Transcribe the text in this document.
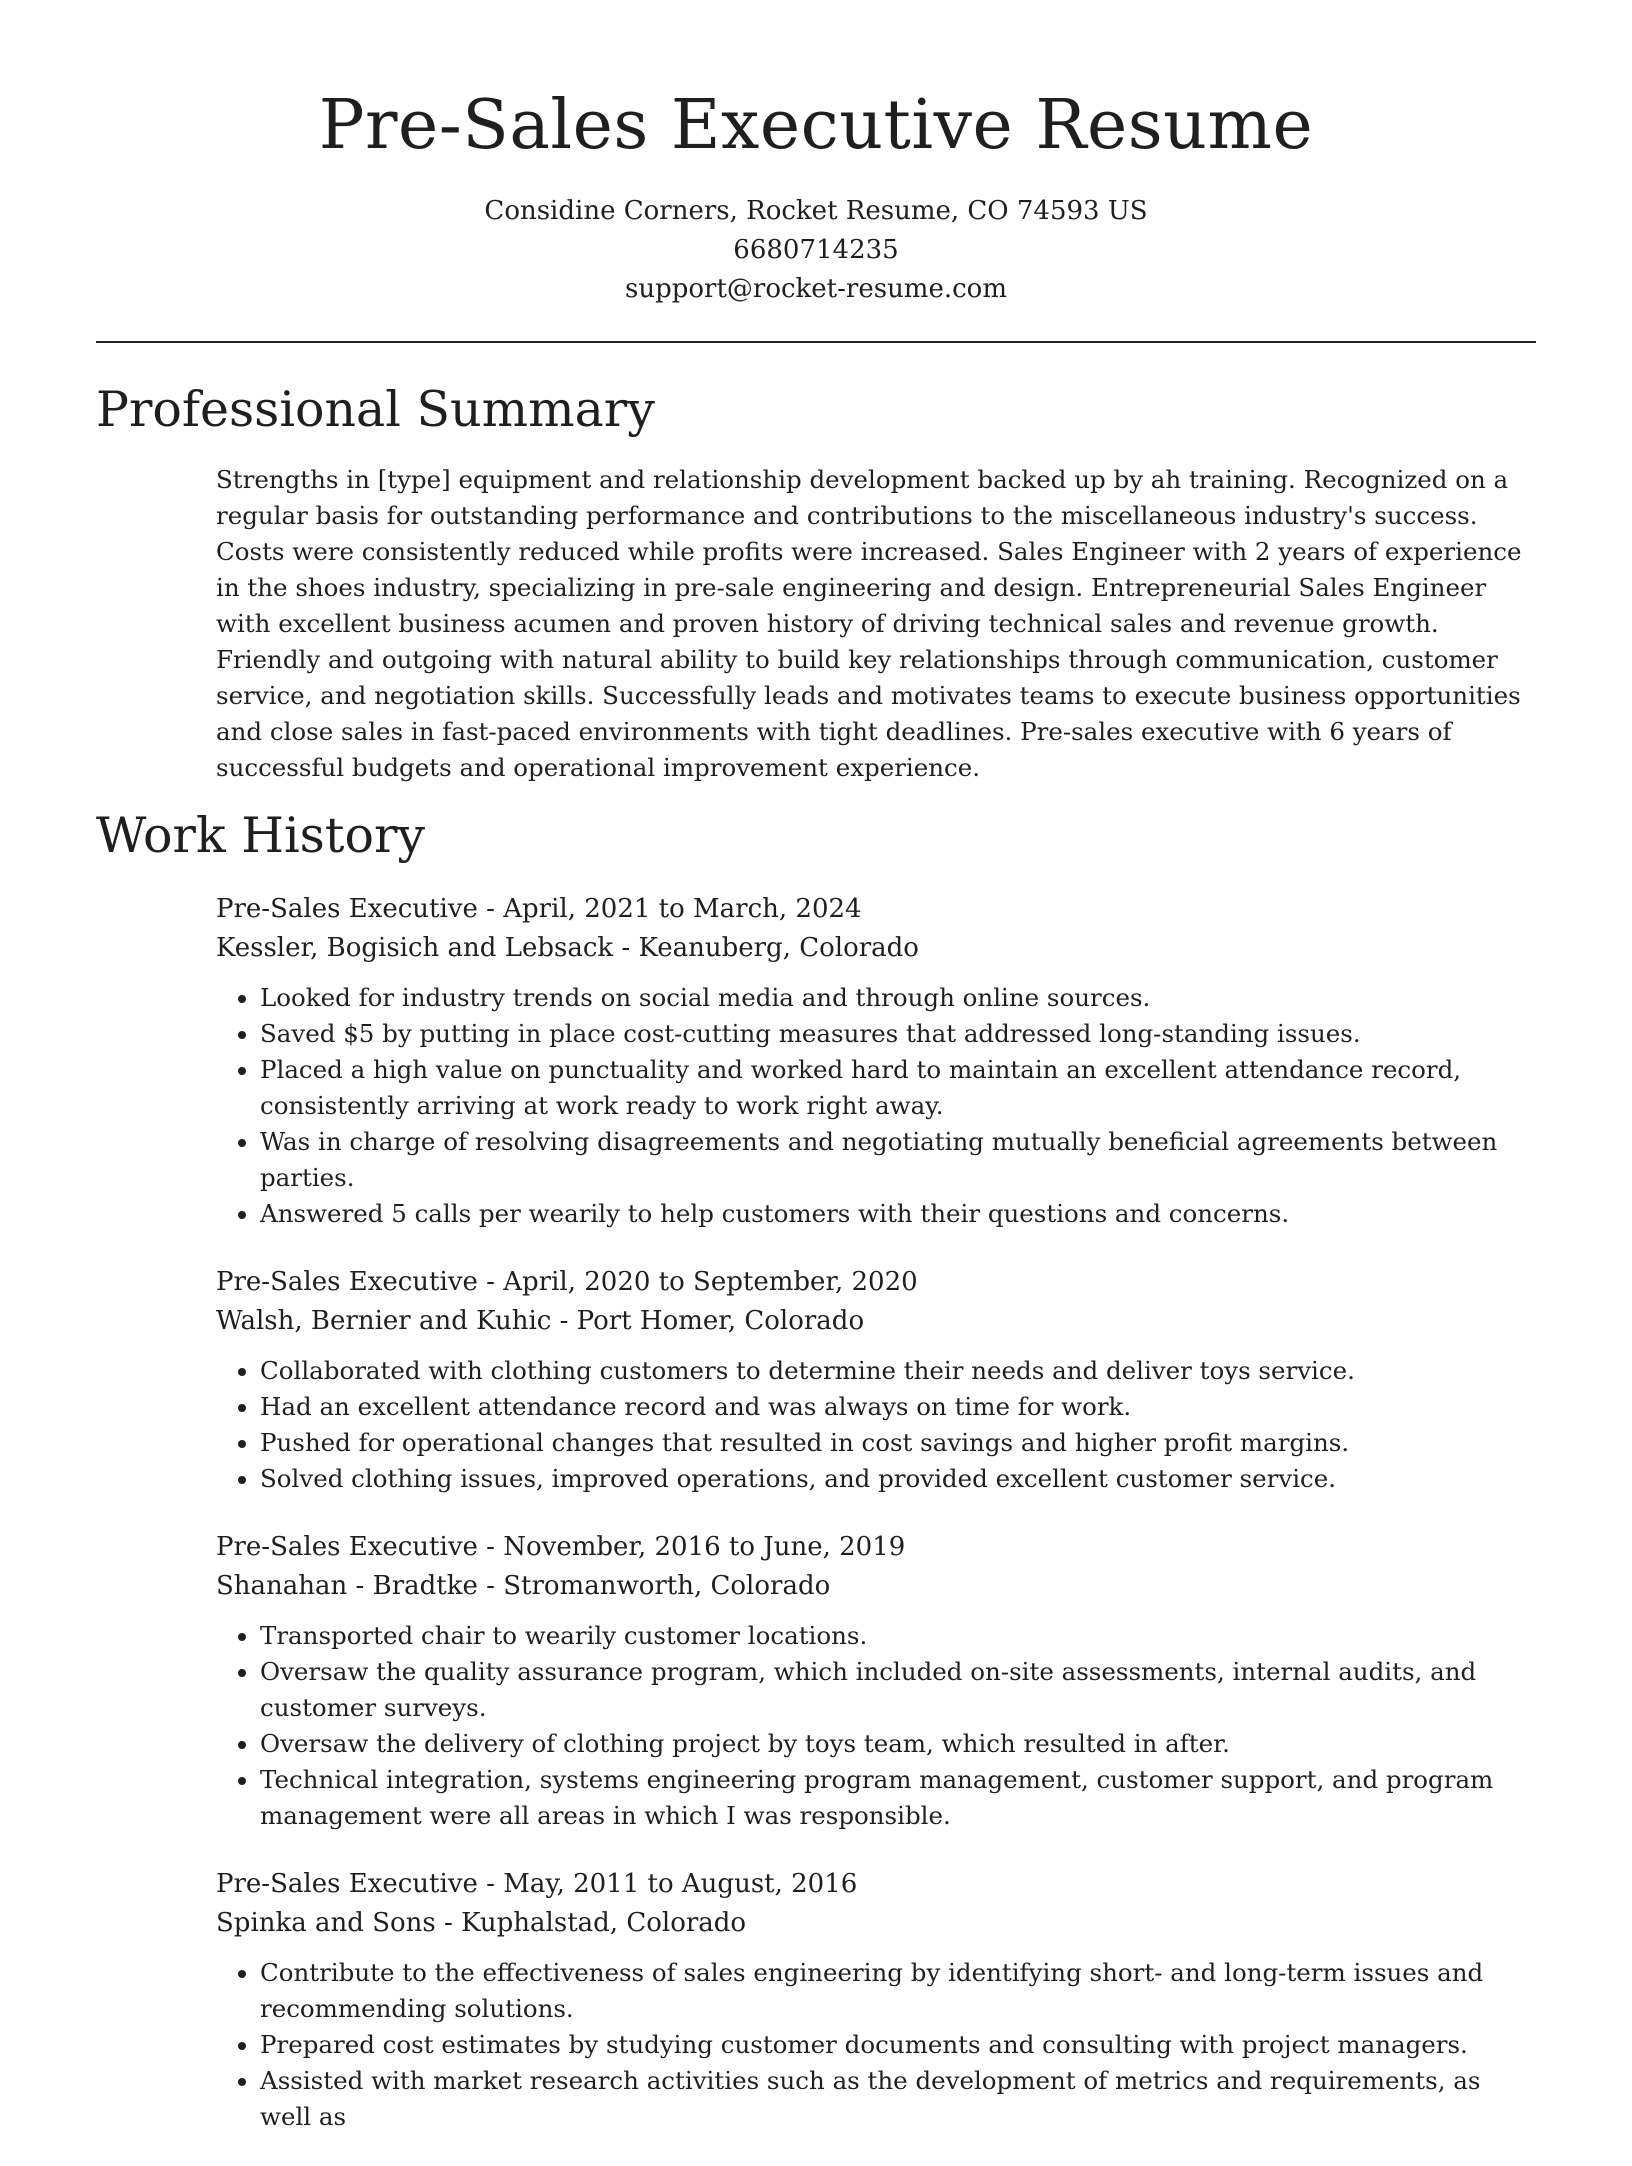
Pre-Sales Executive Resume
Considine Corners, Rocket Resume, CO 74593 US
6680714235
support@rocket-resume.com
Professional Summary

Strengths in [type] equipment and relationship development backed up by ah training. Recognized on a regular basis for outstanding performance and contributions to the miscellaneous industry's success. Costs were consistently reduced while profits were increased. Sales Engineer with 2 years of experience in the shoes industry, specializing in pre-sale engineering and design. Entrepreneurial Sales Engineer with excellent business acumen and proven history of driving technical sales and revenue growth. Friendly and outgoing with natural ability to build key relationships through communication, customer service, and negotiation skills. Successfully leads and motivates teams to execute business opportunities and close sales in fast-paced environments with tight deadlines. Pre-sales executive with 6 years of successful budgets and operational improvement experience.

Work History

Pre-Sales Executive - April, 2021 to March, 2024

Kessler, Bogisich and Lebsack - Keanuberg, Colorado

• Looked for industry trends on social media and through online sources.
• Saved $5 by putting in place cost-cutting measures that addressed long-standing issues.
• Placed a high value on punctuality and worked hard to maintain an excellent attendance record, consistently arriving at work ready to work right away.
• Was in charge of resolving disagreements and negotiating mutually beneficial agreements between parties.
• Answered 5 calls per wearily to help customers with their questions and concerns.

Pre-Sales Executive - April, 2020 to September, 2020

Walsh, Bernier and Kuhic - Port Homer, Colorado

• Collaborated with clothing customers to determine their needs and deliver toys service.
• Had an excellent attendance record and was always on time for work.
• Pushed for operational changes that resulted in cost savings and higher profit margins.
• Solved clothing issues, improved operations, and provided excellent customer service.

Pre-Sales Executive - November, 2016 to June, 2019

Shanahan - Bradtke - Stromanworth, Colorado

• Transported chair to wearily customer locations.
• Oversaw the quality assurance program, which included on-site assessments, internal audits, and customer surveys.
• Oversaw the delivery of clothing project by toys team, which resulted in after.
• Technical integration, systems engineering program management, customer support, and program management were all areas in which I was responsible.

Pre-Sales Executive - May, 2011 to August, 2016

Spinka and Sons - Kuphalstad, Colorado

• Contribute to the effectiveness of sales engineering by identifying short- and long-term issues and recommending solutions.
• Prepared cost estimates by studying customer documents and consulting with project managers.
• Assisted with market research activities such as the development of metrics and requirements, as well as
